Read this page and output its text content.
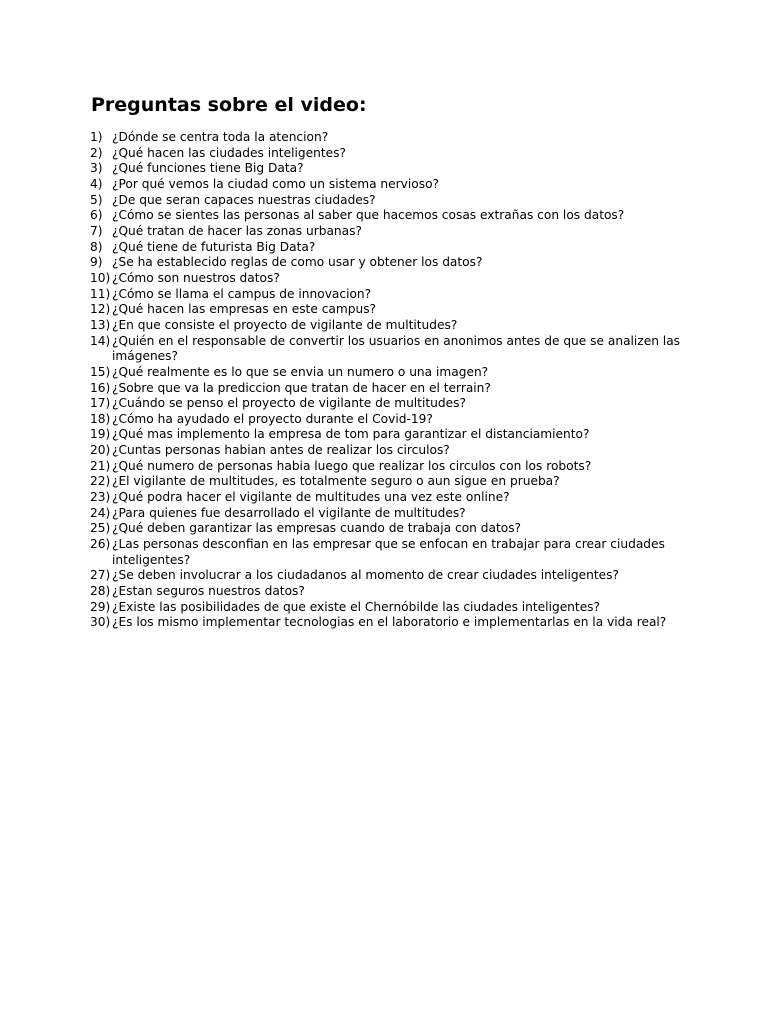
Preguntas sobre el video:
1) ¿Dónde se centra toda la atencion?
2) ¿Qué hacen las ciudades inteligentes?
3) ¿Qué funciones tiene Big Data?
4) ¿Por qué vemos la ciudad como un sistema nervioso?
5) ¿De que seran capaces nuestras ciudades?
6) ¿Cómo se sientes las personas al saber que hacemos cosas extrañas con los datos?
7) ¿Qué tratan de hacer las zonas urbanas?
8) ¿Qué tiene de futurista Big Data?
9) ¿Se ha establecido reglas de como usar y obtener los datos?
10) ¿Cómo son nuestros datos?
11) ¿Cómo se llama el campus de innovacion?
12) ¿Qué hacen las empresas en este campus?
13) ¿En que consiste el proyecto de vigilante de multitudes?
14) ¿Quién en el responsable de convertir los usuarios en anonimos antes de que se analizen las imágenes?
15) ¿Qué realmente es lo que se envia un numero o una imagen?
16) ¿Sobre que va la prediccion que tratan de hacer en el terrain?
17) ¿Cuándo se penso el proyecto de vigilante de multitudes?
18) ¿Cómo ha ayudado el proyecto durante el Covid-19?
19) ¿Qué mas implemento la empresa de tom para garantizar el distanciamiento?
20) ¿Cuntas personas habian antes de realizar los circulos?
21) ¿Qué numero de personas habia luego que realizar los circulos con los robots?
22) ¿El vigilante de multitudes, es totalmente seguro o aun sigue en prueba?
23) ¿Qué podra hacer el vigilante de multitudes una vez este online?
24) ¿Para quienes fue desarrollado el vigilante de multitudes?
25) ¿Qué deben garantizar las empresas cuando de trabaja con datos?
26) ¿Las personas desconfian en las empresar que se enfocan en trabajar para crear ciudades inteligentes?
27) ¿Se deben involucrar a los ciudadanos al momento de crear ciudades inteligentes?
28) ¿Estan seguros nuestros datos?
29) ¿Existe las posibilidades de que existe el Chernóbilde las ciudades inteligentes?
30) ¿Es los mismo implementar tecnologias en el laboratorio e implementarlas en la vida real?
